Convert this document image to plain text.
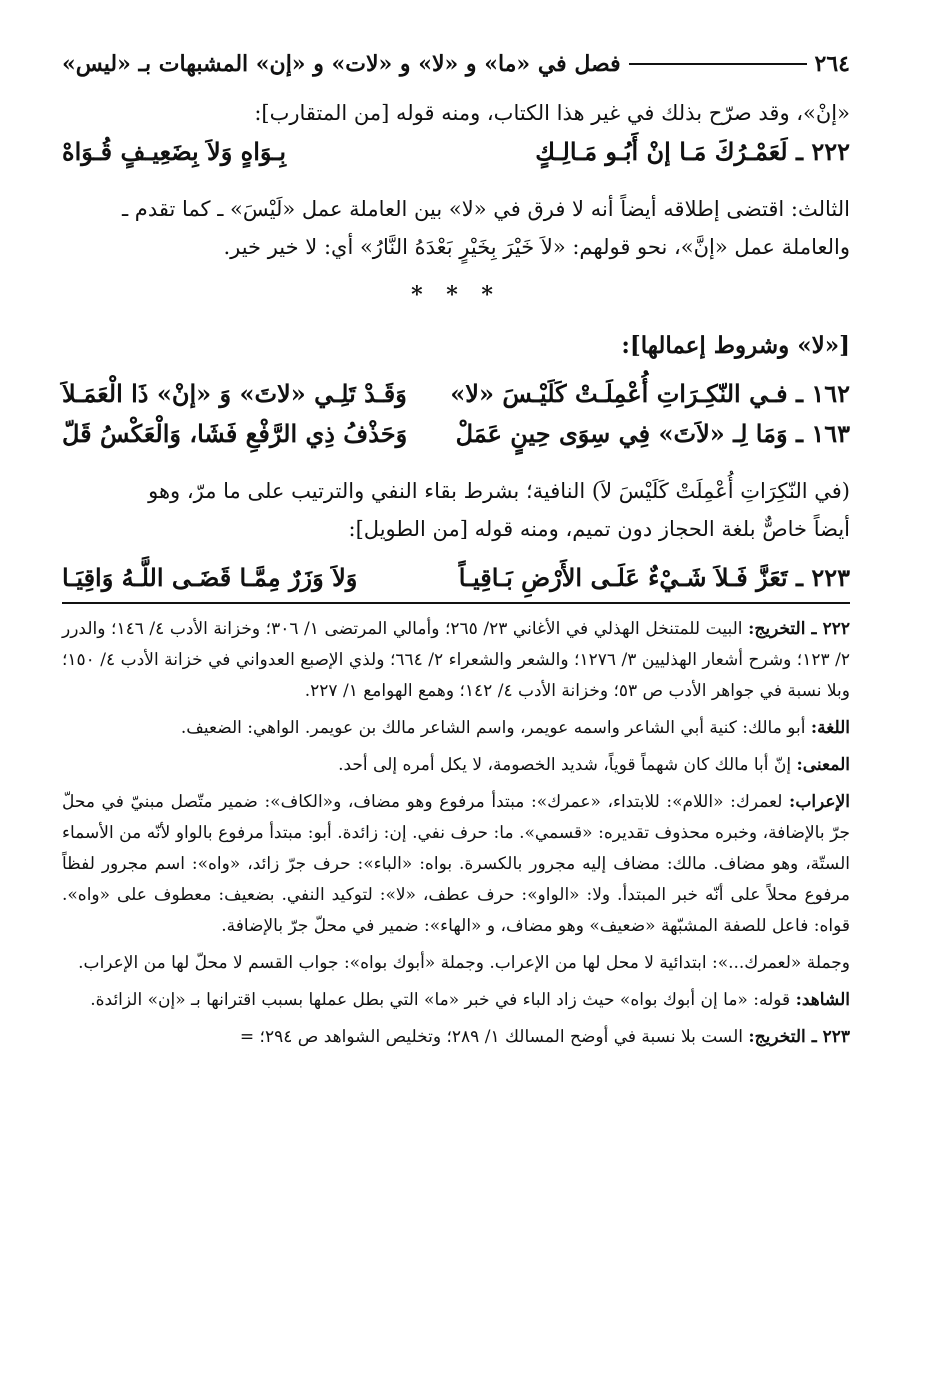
٢٦٤
فصل في «ما» و «لا» و «لات» و «إن» المشبهات بـ «ليس»

«إنْ»، وقد صرّح بذلك في غير هذا الكتاب، ومنه قوله [من المتقارب]:

٢٢٢ ـ لَعَمْـرُكَ مَـا إنْ أَبُـو مَـالِـكٍ
بِـوَاهٍ وَلاَ بِضَعِيـفٍ قُـوَاهْ

الثالث: اقتضى إطلاقه أيضاً أنه لا فرق في «لا» بين العاملة عمل «لَيْسَ» ـ كما تقدم ـ

والعاملة عمل «إنَّ»، نحو قولهم: «لاَ خَيْرَ بِخَيْرٍ بَعْدَهُ النَّارُ» أي: لا خير خير.

* * *
[«لا» وشروط إعمالها]:
١٦٢ ـ فـي النّكِـرَاتِ أُعْمِلَـتْ كَلَيْـسَ «لا»
وَقَـدْ تَلِـي «لاتَ» وَ «إنْ» ذَا الْعَمَـلاَ
١٦٣ ـ وَمَا لِـ «لاَتَ» فِي سِوَى حِينٍ عَمَلْ
وَحَذْفُ ذِي الرَّفْعِ فَشَا، وَالْعَكْسُ قَلّ

(في النّكِرَاتِ أُعْمِلَتْ كَلَيْسَ لاَ) النافية؛ بشرط بقاء النفي والترتيب على ما مرّ، وهو

أيضاً خاصٌّ بلغة الحجاز دون تميم، ومنه قوله [من الطويل]:

٢٢٣ ـ تَعَزَّ فَـلاَ شَـيْءٌ عَلَـى الأَرْضِ بَـاقِيـاً
وَلاَ وَزَرٌ مِمَّـا قَضَـى اللَّـهُ وَاقِيَـا

٢٢٢ ـ التخريج: البيت للمتنخل الهذلي في الأغاني ٢٣/ ٢٦٥؛ وأمالي المرتضى ١/ ٣٠٦؛ وخزانة الأدب ٤/ ١٤٦؛ والدرر ٢/ ١٢٣؛ وشرح أشعار الهذليين ٣/ ١٢٧٦؛ والشعر والشعراء ٢/ ٦٦٤؛ ولذي الإصبع العدواني في خزانة الأدب ٤/ ١٥٠؛ وبلا نسبة في جواهر الأدب ص ٥٣؛ وخزانة الأدب ٤/ ١٤٢؛ وهمع الهوامع ١/ ٢٢٧.

اللغة: أبو مالك: كنية أبي الشاعر واسمه عويمر، واسم الشاعر مالك بن عويمر. الواهي: الضعيف.

المعنى: إنّ أبا مالك كان شهماً قوياً، شديد الخصومة، لا يكل أمره إلى أحد.

الإعراب: لعمرك: «اللام»: للابتداء، «عمرك»: مبتدأ مرفوع وهو مضاف، و«الكاف»: ضمير متّصل مبنيّ في محلّ جرّ بالإضافة، وخبره محذوف تقديره: «قسمي». ما: حرف نفي. إن: زائدة. أبو: مبتدأ مرفوع بالواو لأنّه من الأسماء الستّة، وهو مضاف. مالك: مضاف إليه مجرور بالكسرة. بواه: «الباء»: حرف جرّ زائد، «واه»: اسم مجرور لفظاً مرفوع محلاً على أنّه خبر المبتدأ. ولا: «الواو»: حرف عطف، «لا»: لتوكيد النفي. بضعيف: معطوف على «واه». قواه: فاعل للصفة المشبّهة «ضعيف» وهو مضاف، و «الهاء»: ضمير في محلّ جرّ بالإضافة.

وجملة «لعمرك...»: ابتدائية لا محل لها من الإعراب. وجملة «أبوك بواه»: جواب القسم لا محلّ لها من الإعراب.

الشاهد: قوله: «ما إن أبوك بواه» حيث زاد الباء في خبر «ما» التي بطل عملها بسبب اقترانها بـ «إن» الزائدة.

٢٢٣ ـ التخريج: الست بلا نسبة في أوضح المسالك ١/ ٢٨٩؛ وتخليص الشواهد ص ٢٩٤؛ =
